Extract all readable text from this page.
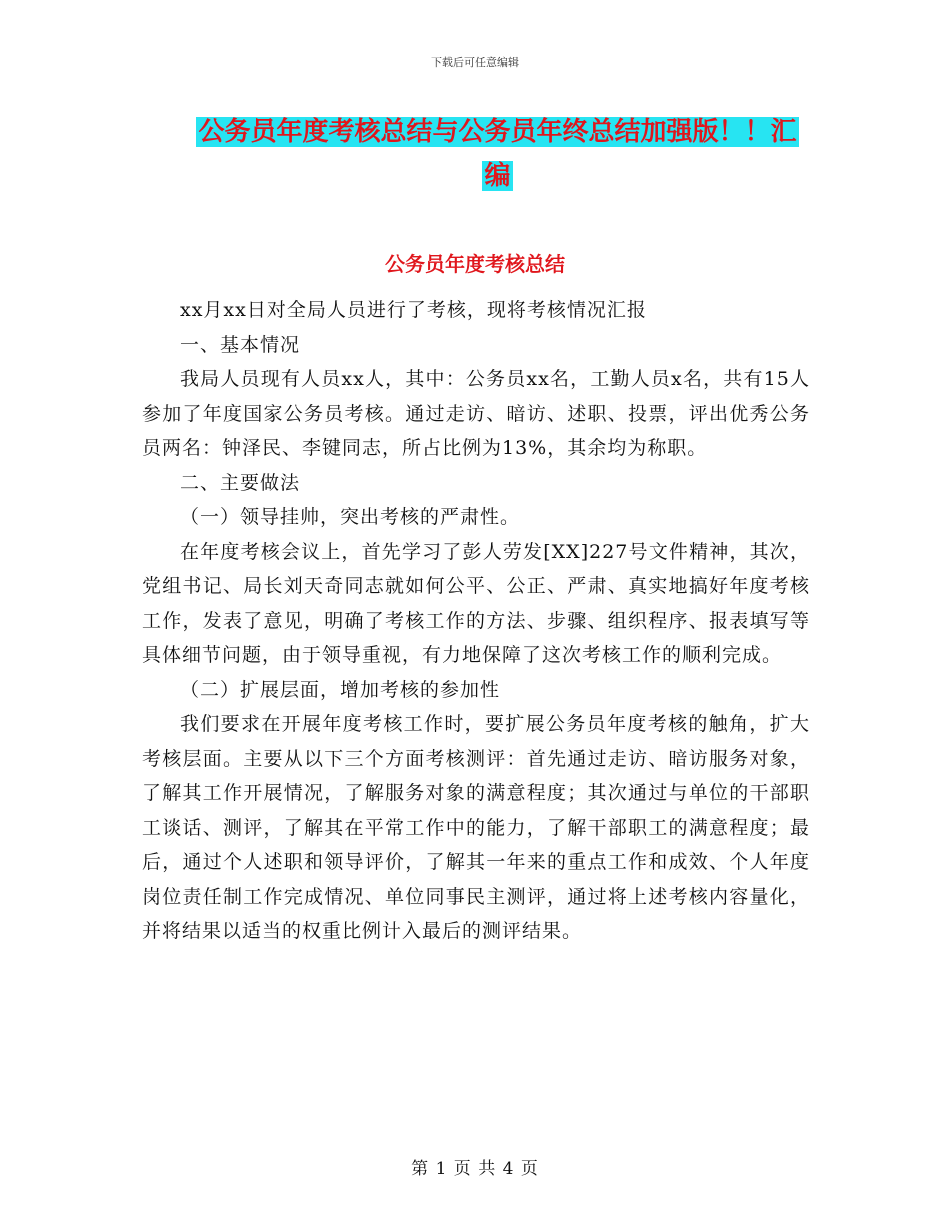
下载后可任意编辑
公务员年度考核总结与公务员年终总结加强版！！汇
编
公务员年度考核总结

xx月xx日对全局人员进行了考核，现将考核情况汇报

一、基本情况

我局人员现有人员xx人，其中：公务员xx名，工勤人员x名，共有15人参加了年度国家公务员考核。通过走访、暗访、述职、投票，评出优秀公务员两名：钟泽民、李键同志，所占比例为13%，其余均为称职。

二、主要做法

（一）领导挂帅，突出考核的严肃性。

在年度考核会议上，首先学习了彭人劳发[XX]227号文件精神，其次，党组书记、局长刘天奇同志就如何公平、公正、严肃、真实地搞好年度考核工作，发表了意见，明确了考核工作的方法、步骤、组织程序、报表填写等具体细节问题，由于领导重视，有力地保障了这次考核工作的顺利完成。

（二）扩展层面，增加考核的参加性

我们要求在开展年度考核工作时，要扩展公务员年度考核的触角，扩大考核层面。主要从以下三个方面考核测评：首先通过走访、暗访服务对象，了解其工作开展情况，了解服务对象的满意程度；其次通过与单位的干部职工谈话、测评，了解其在平常工作中的能力，了解干部职工的满意程度；最后，通过个人述职和领导评价，了解其一年来的重点工作和成效、个人年度岗位责任制工作完成情况、单位同事民主测评，通过将上述考核内容量化，并将结果以适当的权重比例计入最后的测评结果。

第 1 页 共 4 页
